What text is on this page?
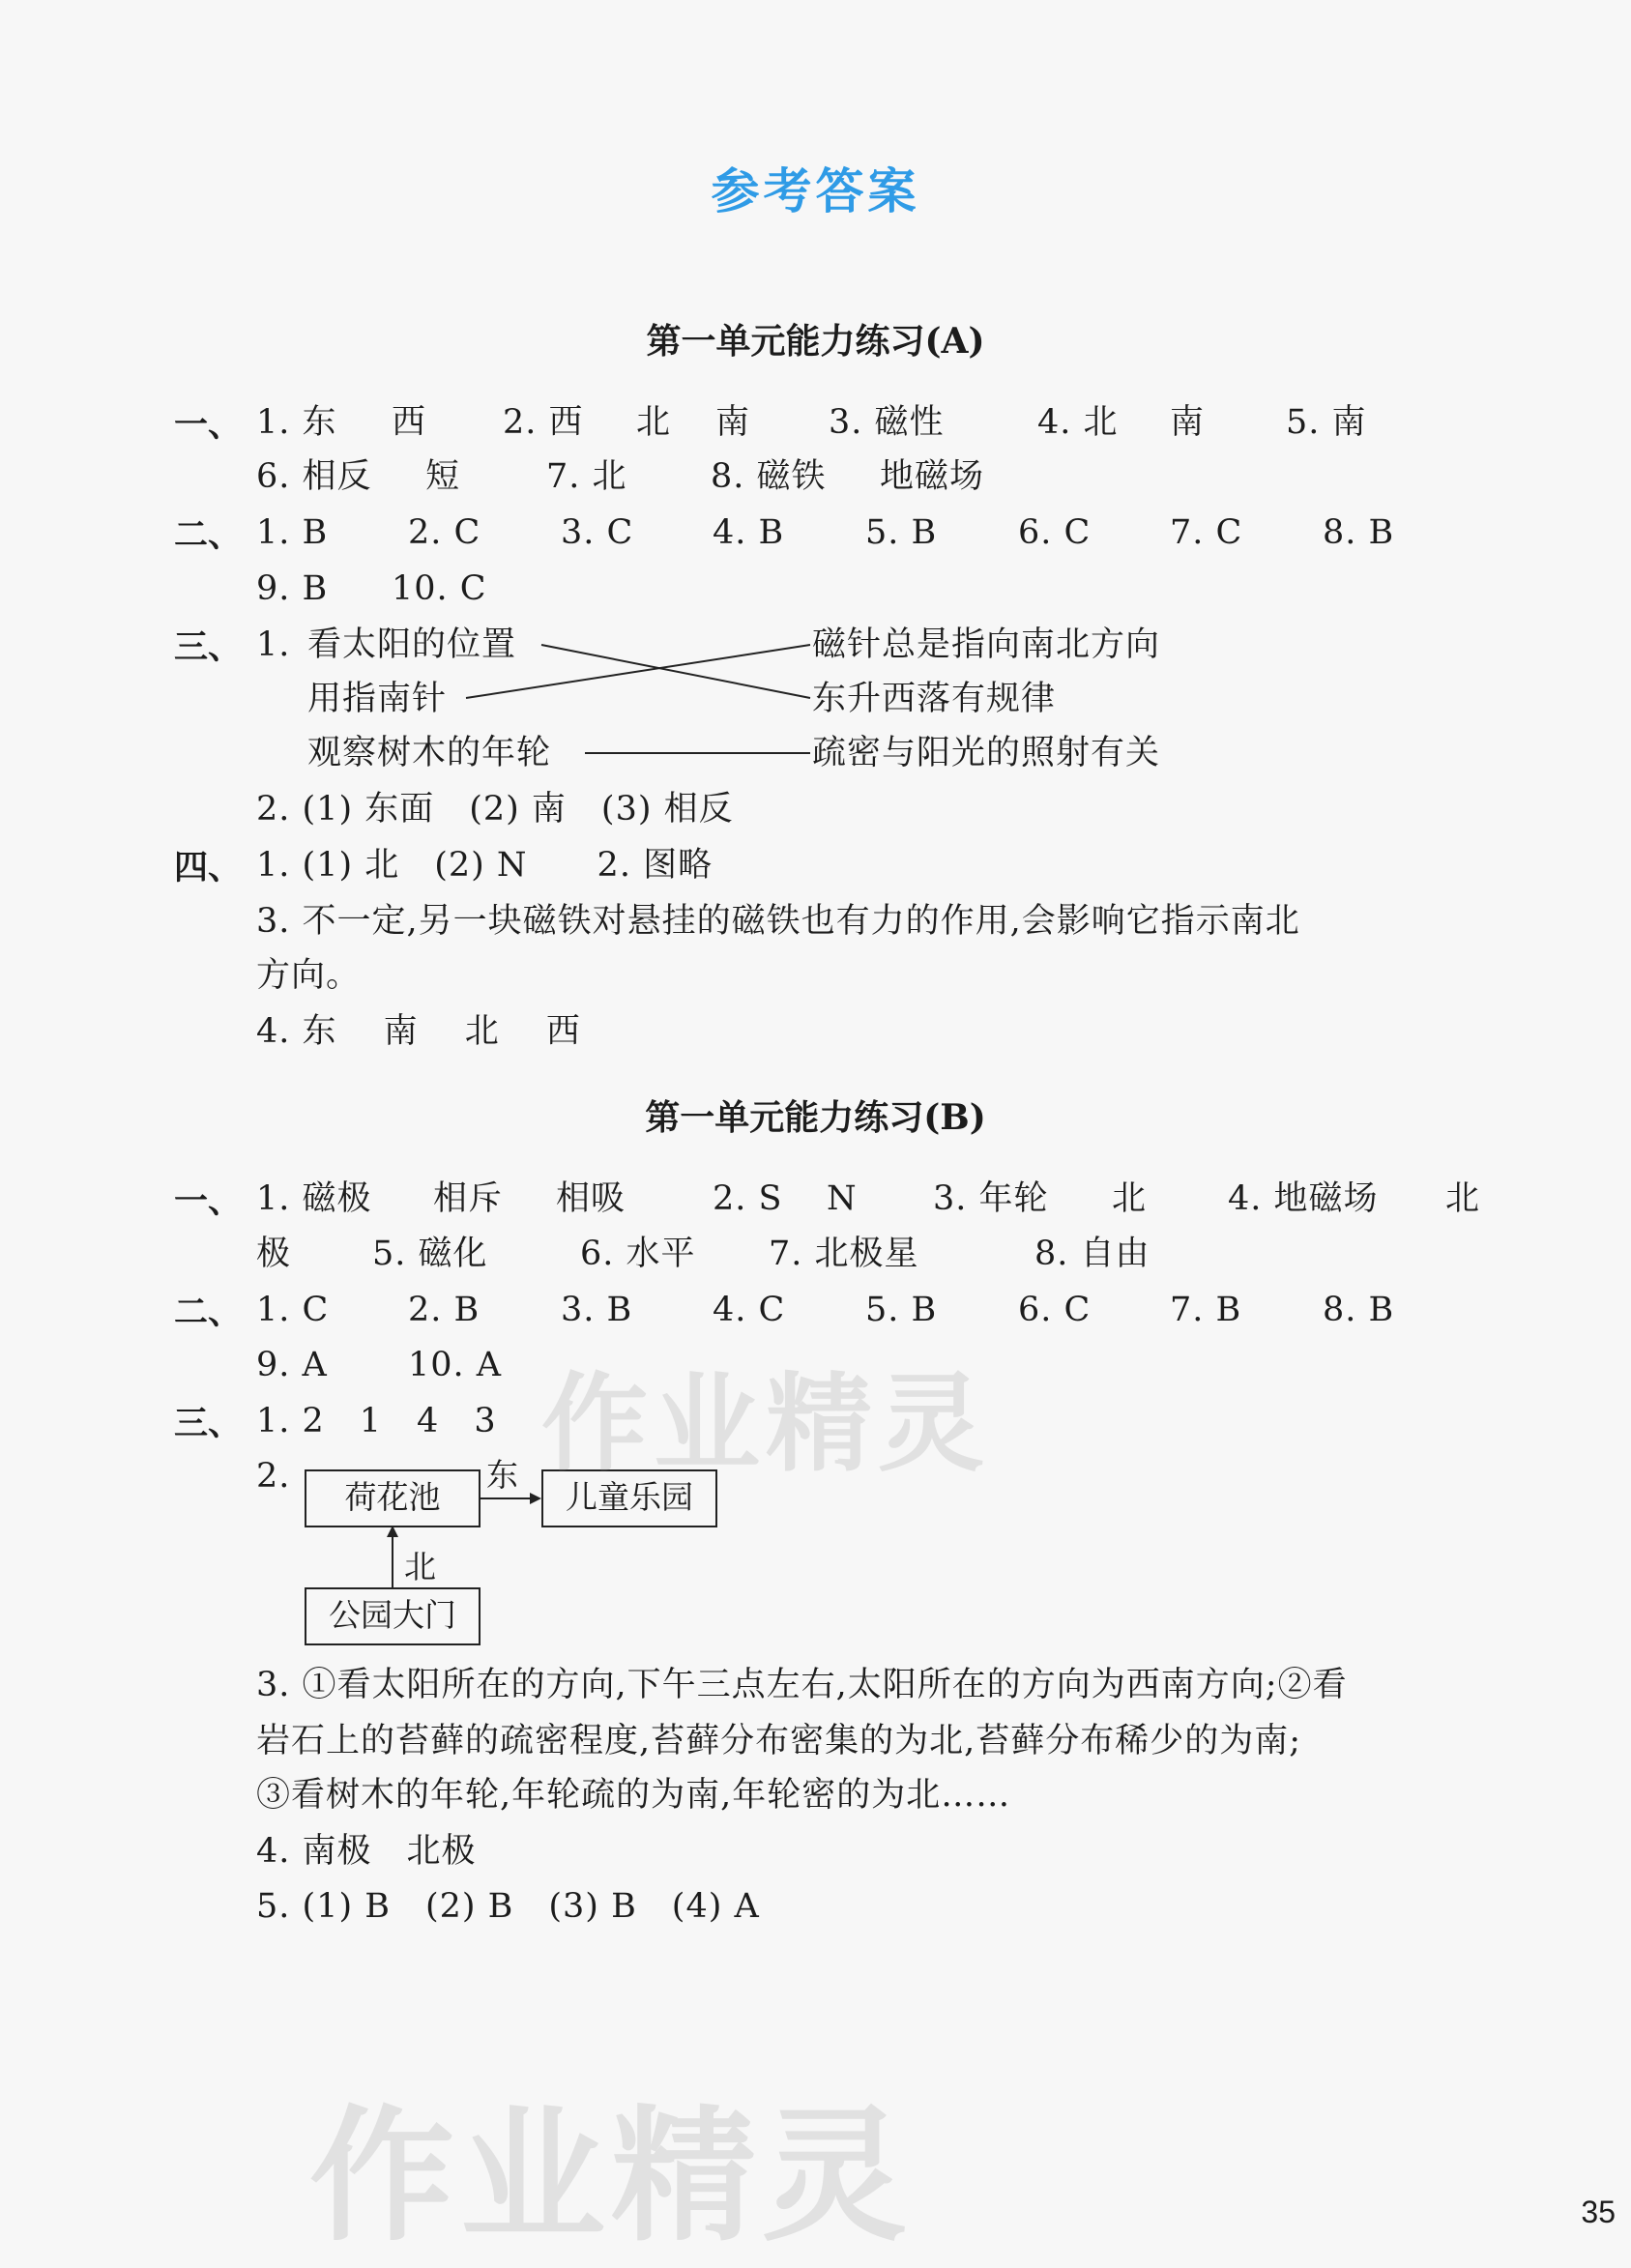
参考答案
第一单元能力练习(A)
一、 1. 东 西 2. 西 北 南 3. 磁性	4. 北 南 5. 南
6. 相反 短	7. 北 8. 磁铁 地磁场
二、 1. B 2. C 3. C 4. B 5. B 6. C 7. C 8. B
9. B 10. C
三、 1. 看太阳的位置
用指南针
观察树木的年轮
磁针总是指向南北方向
东升西落有规律
疏密与阳光的照射有关
2. (1) 东面　(2) 南　(3) 相反
四、 1. (1) 北　(2) N　　2. 图略
3. 不一定,另一块磁铁对悬挂的磁铁也有力的作用,会影响它指示南北
方向。
4. 东　 南　 北　 西
第一单元能力练习(B)
一、 1. 磁极 相斥 相吸	2. S N 3. 年轮 北 4. 地磁场 北
极 5. 磁化	6. 水平 7. 北极星	8. 自由
二、 1. C 2. B 3. B 4. C 5. B 6. C 7. B 8. B
9. A 10. A
三、 1. 2　1　4　3
2.
荷花池	儿童乐园
公园大门
东
北
3. ①看太阳所在的方向,下午三点左右,太阳所在的方向为西南方向;②看
岩石上的苔藓的疏密程度,苔藓分布密集的为北,苔藓分布稀少的为南;
③看树木的年轮,年轮疏的为南,年轮密的为北……
4. 南极　北极
5. (1) B　(2) B　(3) B　(4) A
作业精灵
作业精灵	35
